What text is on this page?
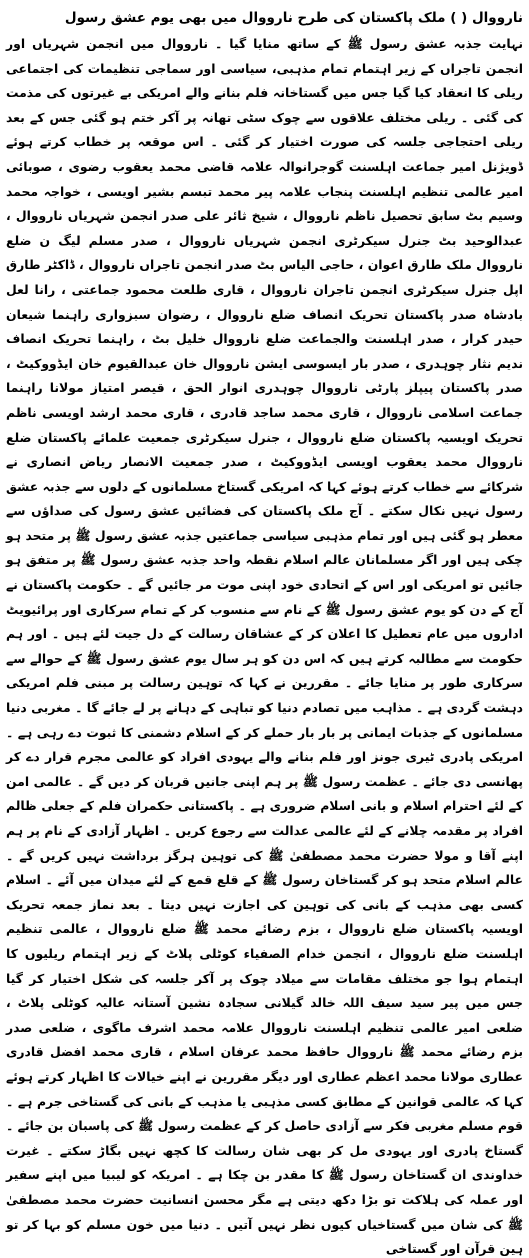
نارووال ( ) ملک پاکستان کی طرح نارووال میں بھی یوم عشق رسول

نہایت جذبہ عشق رسول ﷺ کے ساتھ منایا گیا ۔ نارووال میں انجمن شہریاں اور انجمن تاجراں کے زیر اہتمام تمام مذہبی، سیاسی اور سماجی تنظیمات کی اجتماعی ریلی کا انعقاد کیا گیا جس میں گستاخانہ فلم بنانے والے امریکی بے غیرتوں کی مذمت کی گئی ۔ ریلی مختلف علاقوں سے چوک سٹی تھانہ پر آکر ختم ہو گئی جس کے بعد ریلی احتجاجی جلسہ کی صورت اختیار کر گئی ۔ اس موقعہ پر خطاب کرتے ہوئے ڈویژنل امیر جماعت اہلسنت گوجرانوالہ علامہ قاضی محمد یعقوب رضوی ، صوبائی امیر عالمی تنظیم اہلسنت پنجاب علامہ پیر محمد تبسم بشیر اویسی ، خواجہ محمد وسیم بٹ سابق تحصیل ناظم نارووال ، شیخ ثائر علی صدر انجمن شہریاں نارووال ، عبدالوحید بٹ جنرل سیکرٹری انجمن شہریاں نارووال ، صدر مسلم لیگ ن ضلع نارووال ملک طارق اعوان ، حاجی الیاس بٹ صدر انجمن تاجراں نارووال ، ڈاکٹر طارق اپل جنرل سیکرٹری انجمن تاجران نارووال ، قاری طلعت محمود جماعتی ، رانا لعل بادشاہ صدر پاکستان تحریک انصاف ضلع نارووال ، رضوان سبزواری راہنما شیعان حیدر کرار ، صدر اہلسنت والجماعت ضلع نارووال خلیل بٹ ، راہنما تحریک انصاف ندیم نثار چوہدری ، صدر بار ایسوسی ایشن نارووال خان عبدالقیوم خان ایڈووکیٹ ، صدر پاکستان پیپلز پارٹی نارووال چوہدری انوار الحق ، قیصر امتیاز مولانا راہنما جماعت اسلامی نارووال ، قاری محمد ساجد قادری ، قاری محمد ارشد اویسی ناظم تحریک اویسیہ پاکستان ضلع نارووال ، جنرل سیکرٹری جمعیت علمائے پاکستان ضلع نارووال محمد یعقوب اویسی ایڈووکیٹ ، صدر جمعیت الانصار ریاض انصاری نے شرکائے سے خطاب کرتے ہوئے کہا کہ امریکی گستاخ مسلمانوں کے دلوں سے جذبہ عشق رسول نہیں نکال سکتے ۔ آج ملک پاکستان کی فضائیں عشق رسول کی صداؤں سے معطر ہو گئی ہیں اور تمام مذہبی سیاسی جماعتیں جذبہ عشق رسول ﷺ پر متحد ہو چکی ہیں اور اگر مسلمانان عالم اسلام نقطہ واحد جذبہ عشق رسول ﷺ پر متفق ہو جائیں تو امریکی اور اس کے اتحادی خود اپنی موت مر جائیں گے ۔ حکومت پاکستان نے آج کے دن کو یوم عشق رسول ﷺ کے نام سے منسوب کر کے تمام سرکاری اور پرائیویٹ اداروں میں عام تعطیل کا اعلان کر کے عشاقان رسالت کے دل جیت لئے ہیں ۔ اور ہم حکومت سے مطالبہ کرتے ہیں کہ اس دن کو ہر سال یوم عشق رسول ﷺ کے حوالے سے سرکاری طور پر منایا جائے ۔ مقررین نے کہا کہ توہین رسالت پر مبنی فلم امریکی دہشت گردی ہے ۔ مذاہب میں تصادم دنیا کو تباہی کے دہانے پر لے جائے گا ۔ مغربی دنیا مسلمانوں کے جذبات ایمانی پر بار بار حملے کر کے اسلام دشمنی کا ثبوت دے رہی ہے ۔ امریکی پادری ٹیری جونز اور فلم بنانے والے یہودی افراد کو عالمی مجرم قرار دے کر پھانسی دی جائے ۔ عظمت رسول ﷺ پر ہم اپنی جانیں قربان کر دیں گے ۔ عالمی امن کے لئے احترام اسلام و بانی اسلام ضروری ہے ۔ پاکستانی حکمران فلم کے جعلی ظالم افراد پر مقدمہ چلانے کے لئے عالمی عدالت سے رجوع کریں ۔ اظہار آزادی کے نام پر ہم اپنے آقا و مولا حضرت محمد مصطفیٰ ﷺ کی توہین ہرگز برداشت نہیں کریں گے ۔ عالم اسلام متحد ہو کر گستاخان رسول ﷺ کے قلع قمع کے لئے میدان میں آئے ۔ اسلام کسی بھی مذہب کے بانی کی توہین کی اجازت نہیں دیتا ۔ بعد نماز جمعہ تحریک اویسیہ پاکستان ضلع نارووال ، بزم رضائے محمد ﷺ ضلع نارووال ، عالمی تنظیم اہلسنت ضلع نارووال ، انجمن خدام الصفیاء کوٹلی پلاٹ کے زیر اہتمام ریلیوں کا اہتمام ہوا جو مختلف مقامات سے میلاد چوک پر آکر جلسہ کی شکل اختیار کر گیا جس میں پیر سید سیف اللہ خالد گیلانی سجادہ نشین آستانہ عالیہ کوٹلی پلاٹ ، ضلعی امیر عالمی تنظیم اہلسنت نارووال علامہ محمد اشرف ماگوی ، ضلعی صدر بزم رضائے محمد ﷺ نارووال حافظ محمد عرفان اسلام ، قاری محمد افضل قادری عطاری مولانا محمد اعظم عطاری اور دیگر مقررین نے اپنے خیالات کا اظہار کرتے ہوئے کہا کہ عالمی قوانین کے مطابق کسی مذہبی یا مذہب کے بانی کی گستاخی جرم ہے ۔ قوم مسلم مغربی فکر سے آزادی حاصل کر کے عظمت رسول ﷺ کی پاسبان بن جائے ۔ گستاخ پادری اور یہودی مل کر بھی شان رسالت کا کچھ نہیں بگاڑ سکتے ۔ غیرت خداوندی ان گستاخان رسول ﷺ کا مقدر بن چکا ہے ۔ امریکہ کو لیبیا میں اپنے سفیر اور عملہ کی ہلاکت تو بڑا دکھ دیتی ہے مگر محسن انسانیت حضرت محمد مصطفیٰ ﷺ کی شان میں گستاخیاں کیوں نظر نہیں آتیں ۔ دنیا میں خون مسلم کو بہا کر تو ہین قرآن اور گستاخی
